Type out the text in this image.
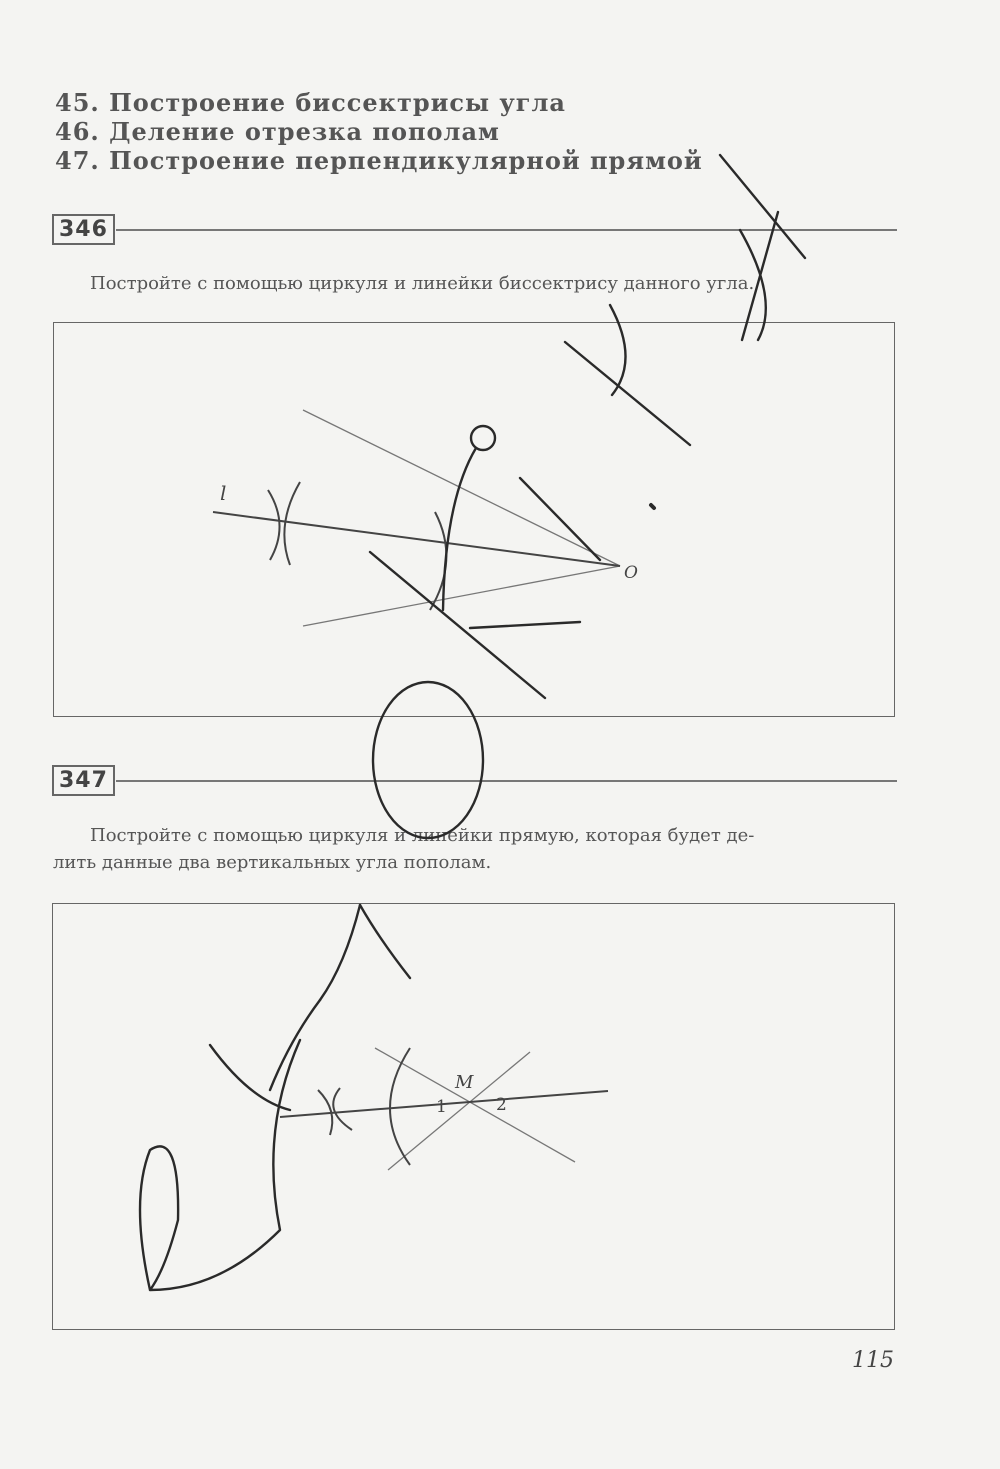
45. Построение биссектрисы угла
46. Деление отрезка пополам
47. Построение перпендикулярной прямой
346
Постройте с помощью циркуля и линейки биссектрису данного угла.
347
Постройте с помощью циркуля и линейки прямую, которая будет де-
лить данные два вертикальных угла пополам.
115
l
O
M
1	2
